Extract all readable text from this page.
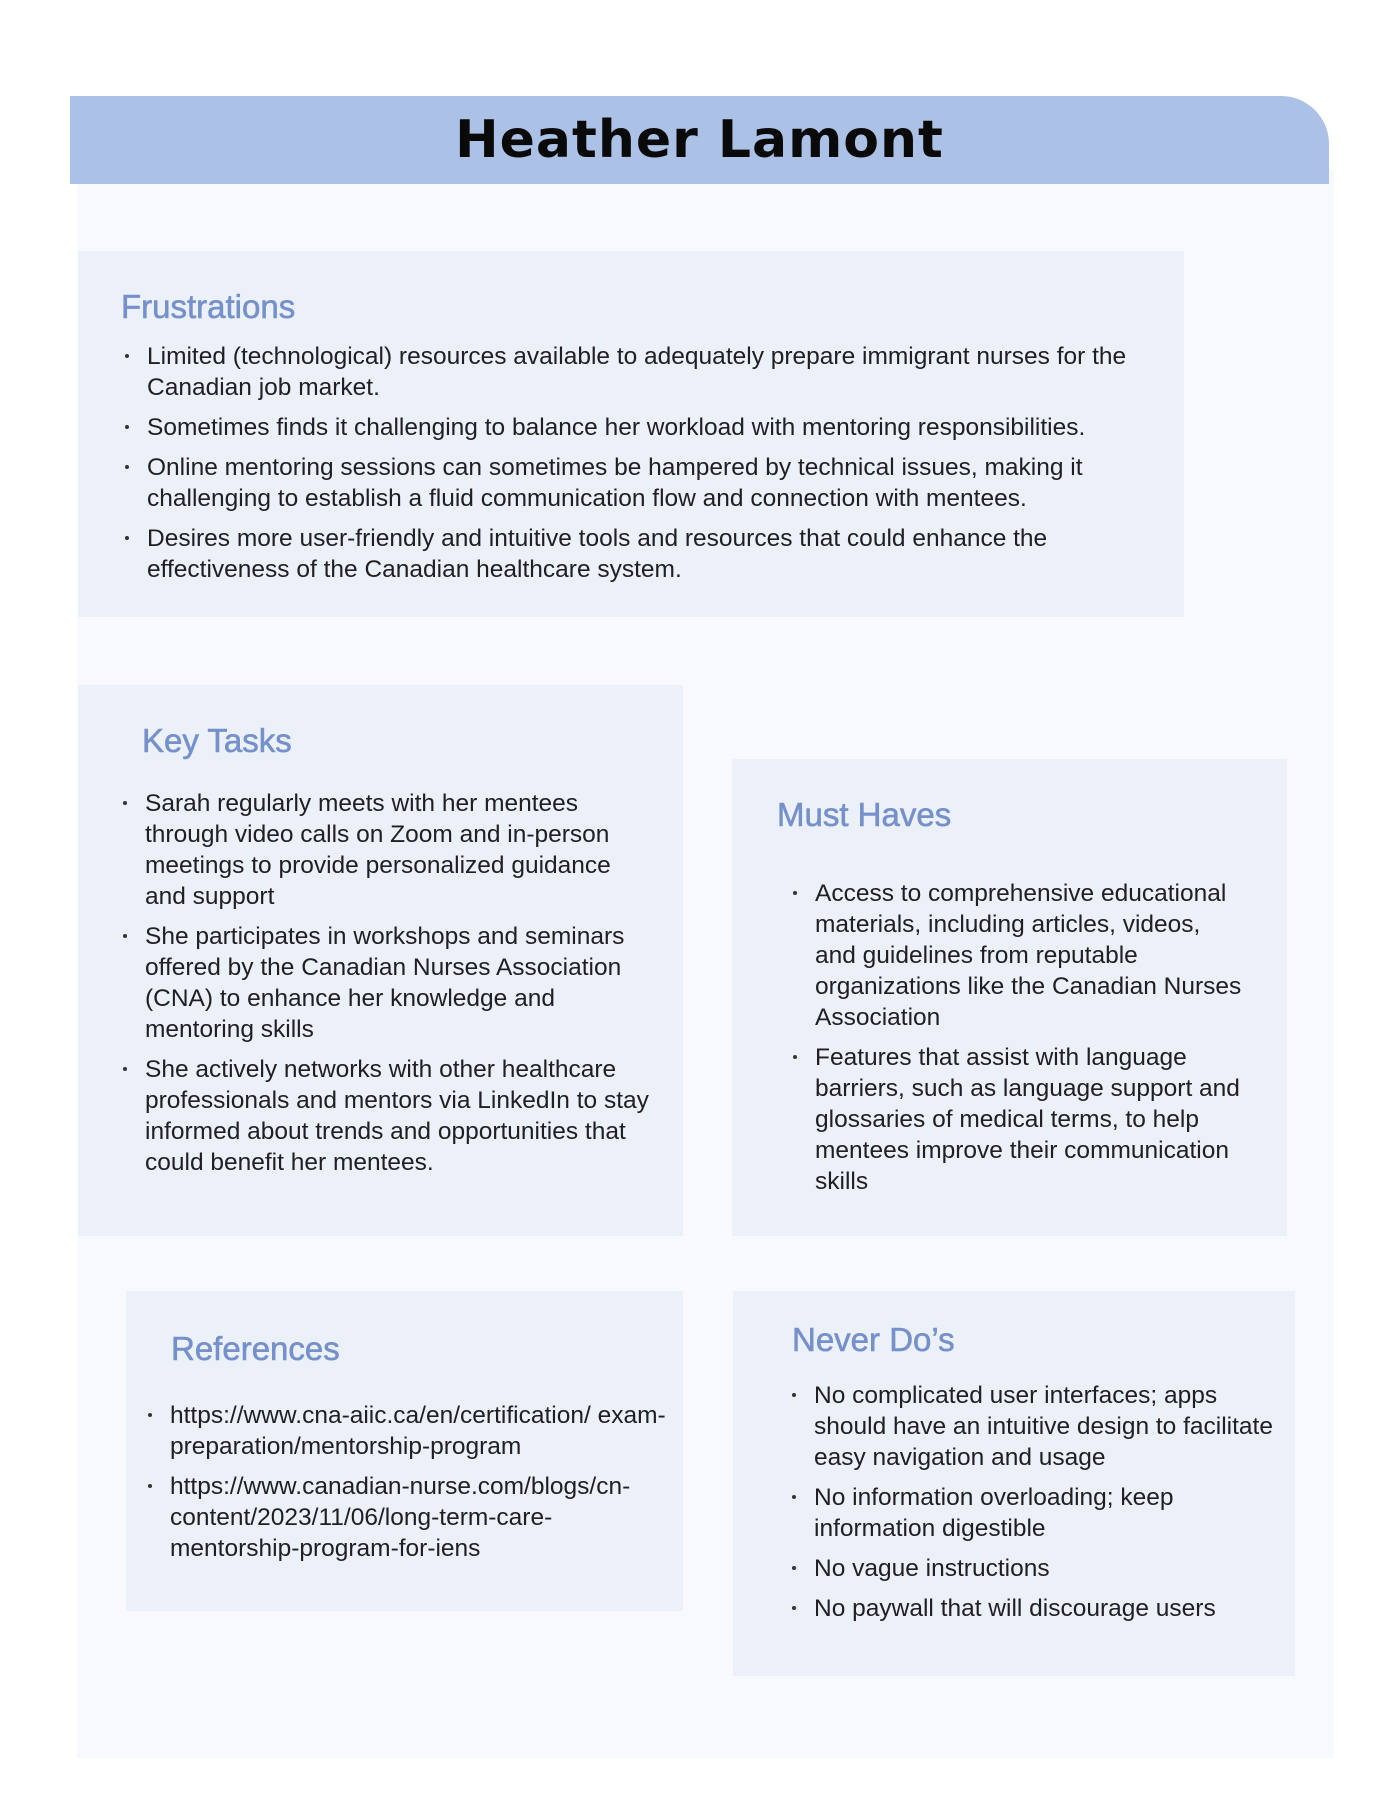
Heather Lamont
Frustrations
Limited (technological) resources available to adequately prepare immigrant nurses for the Canadian job market.
Sometimes finds it challenging to balance her workload with mentoring responsibilities.
Online mentoring sessions can sometimes be hampered by technical issues, making it challenging to establish a fluid communication flow and connection with mentees.
Desires more user-friendly and intuitive tools and resources that could enhance the effectiveness of the Canadian healthcare system.
Key Tasks
Sarah regularly meets with her mentees through video calls on Zoom and in-person meetings to provide personalized guidance and support
She participates in workshops and seminars offered by the Canadian Nurses Association (CNA) to enhance her knowledge and mentoring skills
She actively networks with other healthcare professionals and mentors via LinkedIn to stay informed about trends and opportunities that could benefit her mentees.
Must Haves
Access to comprehensive educational materials, including articles, videos, and guidelines from reputable organizations like the Canadian Nurses Association
Features that assist with language barriers, such as language support and glossaries of medical terms, to help mentees improve their communication skills
References
https://www.cna-aiic.ca/en/certification/ exam-preparation/mentorship-program
https://www.canadian-nurse.com/blogs/cn- content/2023/11/06/long-term-care- mentorship-program-for-iens
Never Do’s
No complicated user interfaces; apps should have an intuitive design to facilitate easy navigation and usage
No information overloading; keep information digestible
No vague instructions
No paywall that will discourage users
